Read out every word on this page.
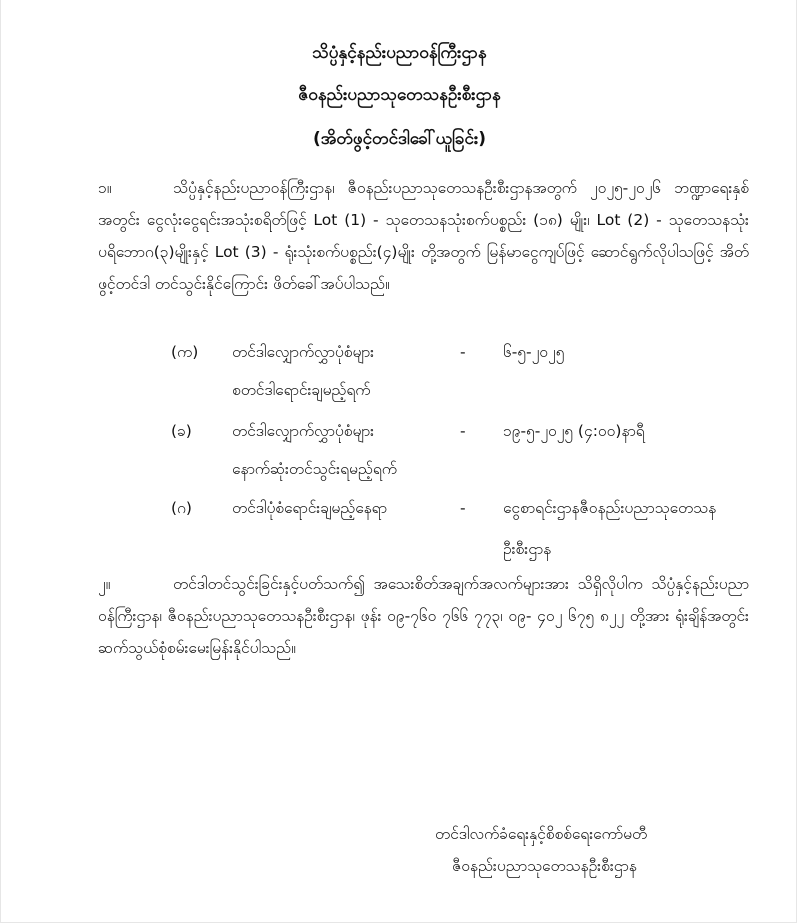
သိပ္ပံနှင့်နည်းပညာဝန်ကြီးဌာန
ဇီဝနည်းပညာသုတေသနဦးစီးဌာန
(အိတ်ဖွင့်တင်ဒါခေါ်ယူခြင်း)
၁။	သိပ္ပံနှင့်နည်းပညာဝန်ကြီးဌာန၊ ဇီဝနည်းပညာသုတေသနဦးစီးဌာနအတွက် ၂၀၂၅-၂၀၂၆ ဘဏ္ဍာရေးနှစ်အတွင်း ငွေလုံးငွေရင်းအသုံးစရိတ်ဖြင့် Lot (1) - သုတေသနသုံးစက်ပစ္စည်း (၁၈) မျိုး၊ Lot (2) - သုတေသနသုံးပရိဘောဂ(၃)မျိုးနှင့် Lot (3) - ရုံးသုံးစက်ပစ္စည်း(၄)မျိုး တို့အတွက် မြန်မာငွေကျပ်ဖြင့် ဆောင်ရွက်လိုပါသဖြင့် အိတ်ဖွင့်တင်ဒါ တင်သွင်းနိုင်ကြောင်း ဖိတ်ခေါ်အပ်ပါသည်။
(က) တင်ဒါလျှောက်လွှာပုံစံများ	- ၆-၅-၂၀၂၅
စတင်ဒါရောင်းချမည့်ရက်
(ခ)	တင်ဒါလျှောက်လွှာပုံစံများ	- ၁၉-၅-၂၀၂၅ (၄:၀၀)နာရီ
နောက်ဆုံးတင်သွင်းရမည့်ရက်
(ဂ)	တင်ဒါပုံစံရောင်းချမည့်နေရာ	- ငွေစာရင်းဌာနဇီဝနည်းပညာသုတေသန
ဦးစီးဌာန
၂။	တင်ဒါတင်သွင်းခြင်းနှင့်ပတ်သက်၍ အသေးစိတ်အချက်အလက်များအား သိရှိလိုပါက သိပ္ပံနှင့်နည်းပညာဝန်ကြီးဌာန၊ ဇီဝနည်းပညာသုတေသနဦးစီးဌာန၊ ဖုန်း ၀၉-၇၆၀ ၇၆၆ ၇၇၃၊ ၀၉- ၄၀၂ ၆၇၅ ၈၂၂ တို့အား ရုံးချိန်အတွင်း ဆက်သွယ်စုံစမ်းမေးမြန်းနိုင်ပါသည်။
တင်ဒါလက်ခံရေးနှင့်စိစစ်ရေးကော်မတီ
ဇီဝနည်းပညာသုတေသနဦးစီးဌာန
